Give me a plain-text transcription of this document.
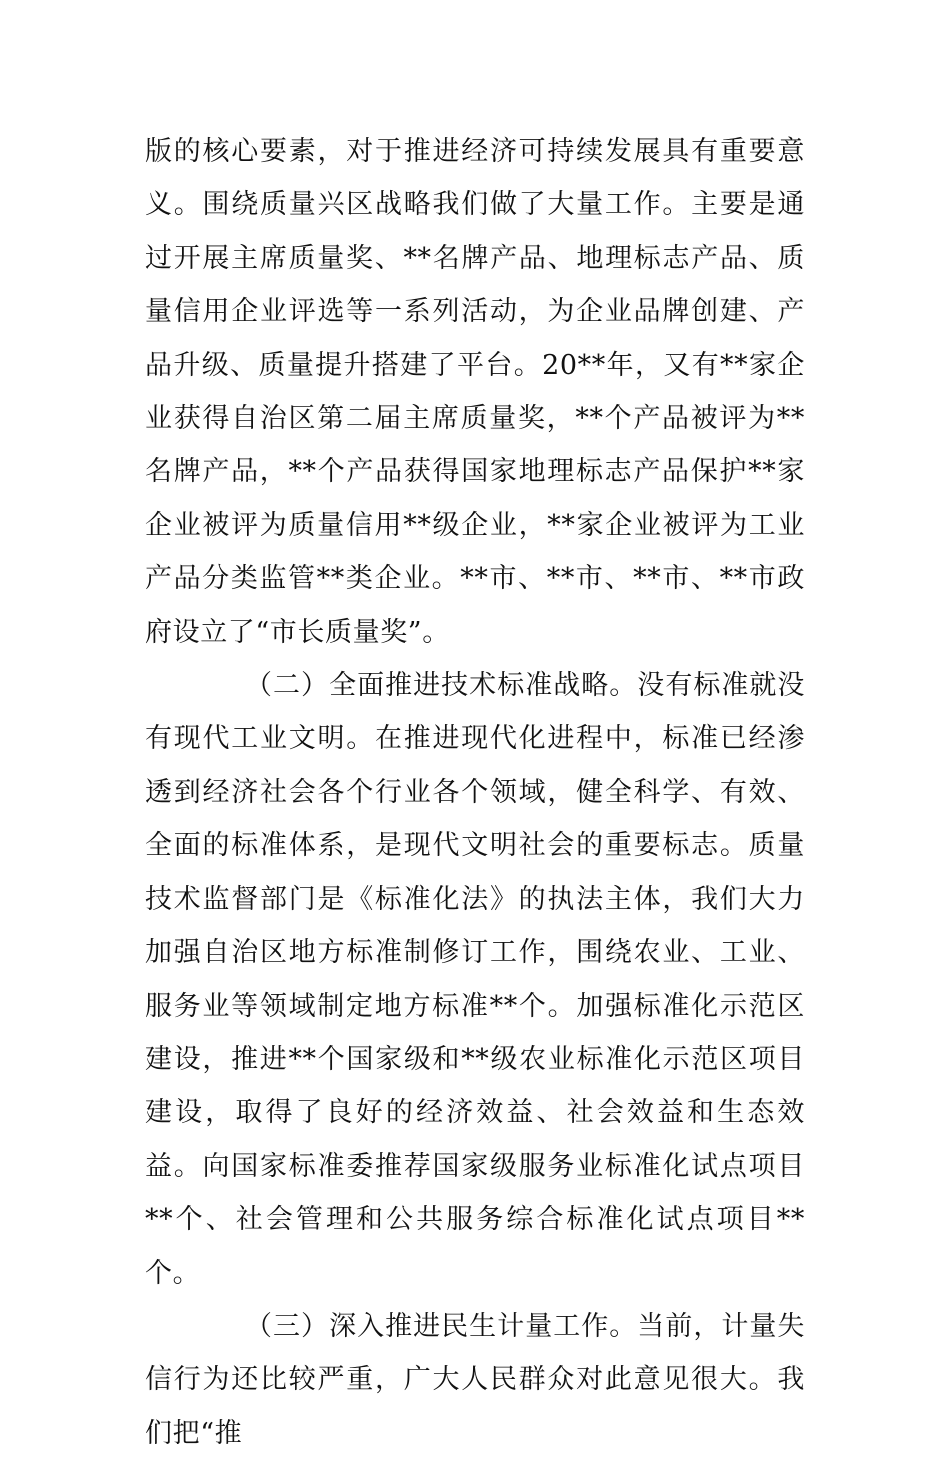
版的核心要素，对于推进经济可持续发展具有重要意义。围绕质量兴区战略我们做了大量工作。主要是通过开展主席质量奖、**名牌产品、地理标志产品、质量信用企业评选等一系列活动，为企业品牌创建、产品升级、质量提升搭建了平台。20**年，又有**家企业获得自治区第二届主席质量奖，**个产品被评为**名牌产品，**个产品获得国家地理标志产品保护**家企业被评为质量信用**级企业，**家企业被评为工业产品分类监管**类企业。**市、**市、**市、**市政府设立了“市长质量奖”。

（二）全面推进技术标准战略。没有标准就没有现代工业文明。在推进现代化进程中，标准已经渗透到经济社会各个行业各个领域，健全科学、有效、全面的标准体系，是现代文明社会的重要标志。质量技术监督部门是《标准化法》的执法主体，我们大力加强自治区地方标准制修订工作，围绕农业、工业、服务业等领域制定地方标准**个。加强标准化示范区建设，推进**个国家级和**级农业标准化示范区项目建设，取得了良好的经济效益、社会效益和生态效益。向国家标准委推荐国家级服务业标准化试点项目**个、社会管理和公共服务综合标准化试点项目**个。

（三）深入推进民生计量工作。当前，计量失信行为还比较严重，广大人民群众对此意见很大。我们把“推
